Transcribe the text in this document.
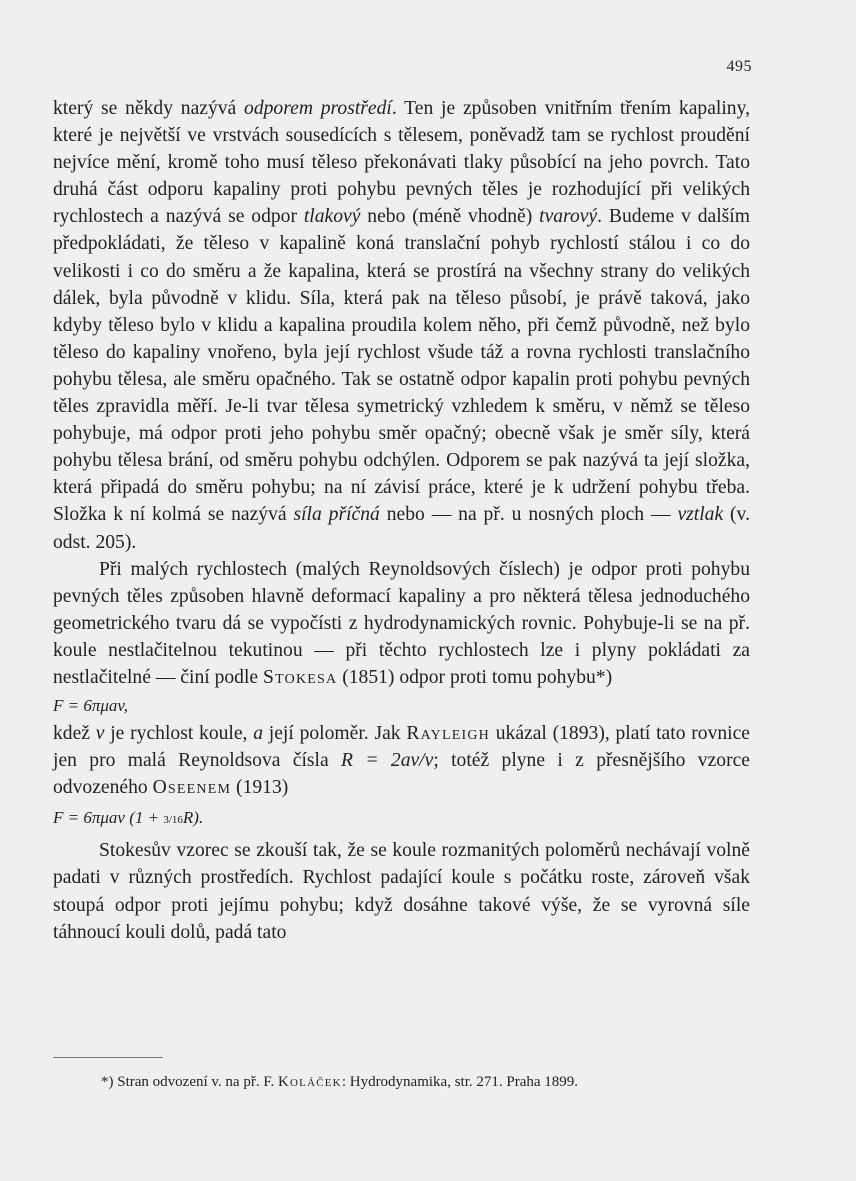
495

který se někdy nazývá odporem prostředí. Ten je způsoben vnitřním třením kapaliny, které je největší ve vrstvách sousedících s tělesem, poněvadž tam se rychlost proudění nejvíce mění, kromě toho musí těleso překonávati tlaky působící na jeho povrch. Tato druhá část odporu kapaliny proti pohybu pevných těles je rozhodující při velikých rychlostech a nazývá se odpor tlakový nebo (méně vhodně) tvarový. Budeme v dalším předpokládati, že těleso v kapalině koná translační pohyb rychlostí stálou i co do velikosti i co do směru a že kapalina, která se prostírá na všechny strany do velikých dálek, byla původně v klidu. Síla, která pak na těleso působí, je právě taková, jako kdyby těleso bylo v klidu a kapalina proudila kolem něho, při čemž původně, než bylo těleso do kapaliny vnořeno, byla její rychlost všude táž a rovna rychlosti translačního pohybu tělesa, ale směru opačného. Tak se ostatně odpor kapalin proti pohybu pevných těles zpravidla měří. Je-li tvar tělesa symetrický vzhledem k směru, v němž se těleso pohybuje, má odpor proti jeho pohybu směr opačný; obecně však je směr síly, která pohybu tělesa brání, od směru pohybu odchýlen. Odporem se pak nazývá ta její složka, která připadá do směru pohybu; na ní závisí práce, které je k udržení pohybu třeba. Složka k ní kolmá se nazývá síla příčná nebo — na př. u nosných ploch — vztlak (v. odst. 205).

Při malých rychlostech (malých Reynoldsových číslech) je odpor proti pohybu pevných těles způsoben hlavně deformací kapaliny a pro některá tělesa jednoduchého geometrického tvaru dá se vypočísti z hydrodynamických rovnic. Pohybuje-li se na př. koule nestlačitelnou tekutinou — při těchto rychlostech lze i plyny pokládati za nestlačitelné — činí podle Stokesa (1851) odpor proti tomu pohybu*)

F = 6πμav,

kdež v je rychlost koule, a její poloměr. Jak Rayleigh ukázal (1893), platí tato rovnice jen pro malá Reynoldsova čísla R = 2av/ν; totéž plyne i z přesnějšího vzorce odvozeného Oseenem (1913)

F = 6πμav (1 + 3/16R).

Stokesův vzorec se zkouší tak, že se koule rozmanitých poloměrů nechávají volně padati v různých prostředích. Rychlost padající koule s počátku roste, zároveň však stoupá odpor proti jejímu pohybu; když dosáhne takové výše, že se vyrovná síle táhnoucí kouli dolů, padá tato

*) Stran odvození v. na př. F. Koláček: Hydrodynamika, str. 271. Praha 1899.
